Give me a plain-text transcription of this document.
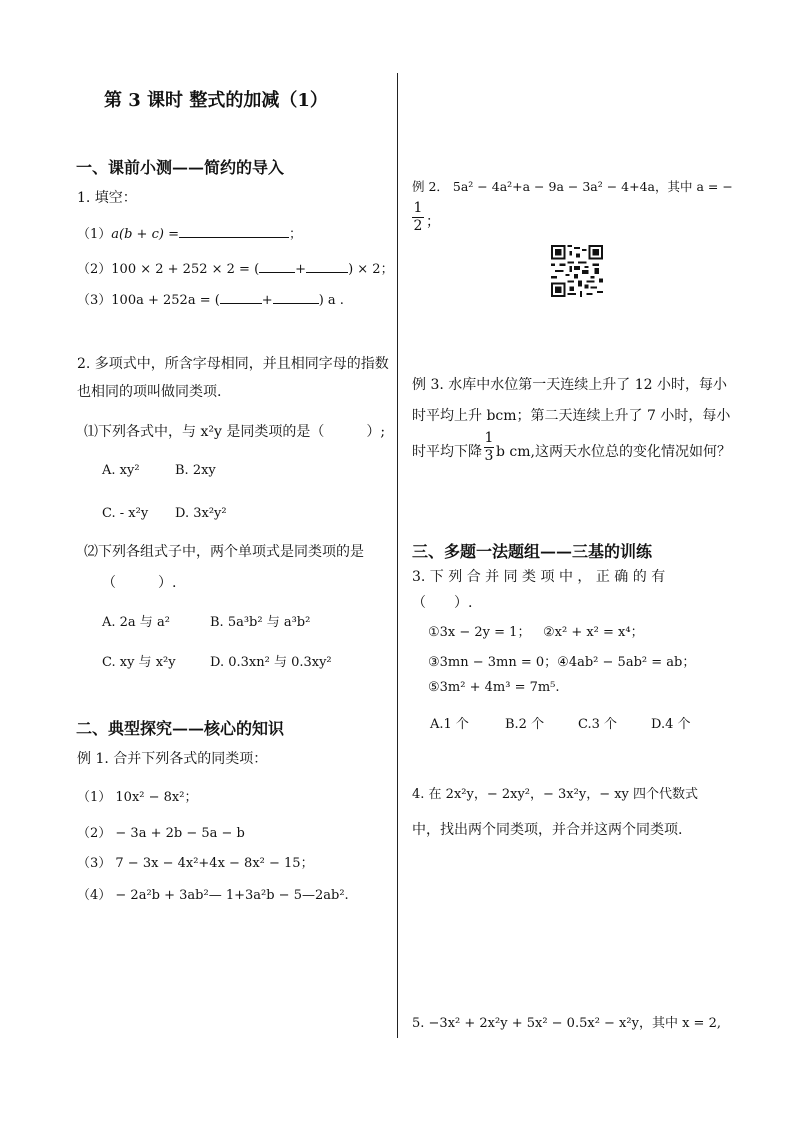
第 3 课时 整式的加减（1）
一、课前小测——简约的导入
1. 填空：
（1）a(b + c) =	；
（2）100 × 2 + 252 × 2 = (	+	) × 2；
（3）100a + 252a = (	+	) a .
2. 多项式中，所含字母相同，并且相同字母的指数
也相同的项叫做同类项.
⑴下列各式中，与 x²y 是同类项的是（　　　）;
A. xy²	B. 2xy
C. - x²y D. 3x²y²
⑵下列各组式子中，两个单项式是同类项的是
（　　　）.
A. 2a 与 a²	B. 5a³b² 与 a³b²
C. xy 与 x²y	D. 0.3xn² 与 0.3xy²
二、典型探究——核心的知识
例 1. 合并下列各式的同类项：
（1） 10x² − 8x²；
（2） − 3a + 2b − 5a − b
（3） 7 − 3x − 4x²+4x − 8x² − 15；
（4） − 2a²b + 3ab²— 1+3a²b − 5—2ab².
例 2． 5a² − 4a²+a − 9a − 3a² − 4+4a，其中 a = −
$\frac{1}{2}$ ；
例 3. 水库中水位第一天连续上升了 12 小时，每小
时平均上升 bcm；第二天连续上升了 7 小时，每小
时平均下降 $\frac{1}{3}$ b cm,这两天水位总的变化情况如何？
三、多题一法题组——三基的训练
3. 下 列 合 并 同 类 项 中 ， 正 确 的 有
（　　）.
①3x − 2y = 1； ②x² + x² = x⁴；
③3mn − 3mn = 0；④4ab² − 5ab² = ab；
⑤3m² + 4m³ = 7m⁵.
A.1 个	B.2 个	C.3 个	D.4 个
4. 在 2x²y，− 2xy²，− 3x²y，− xy 四个代数式
中，找出两个同类项，并合并这两个同类项.
5. −3x² + 2x²y + 5x² − 0.5x² − x²y，其中 x = 2,
